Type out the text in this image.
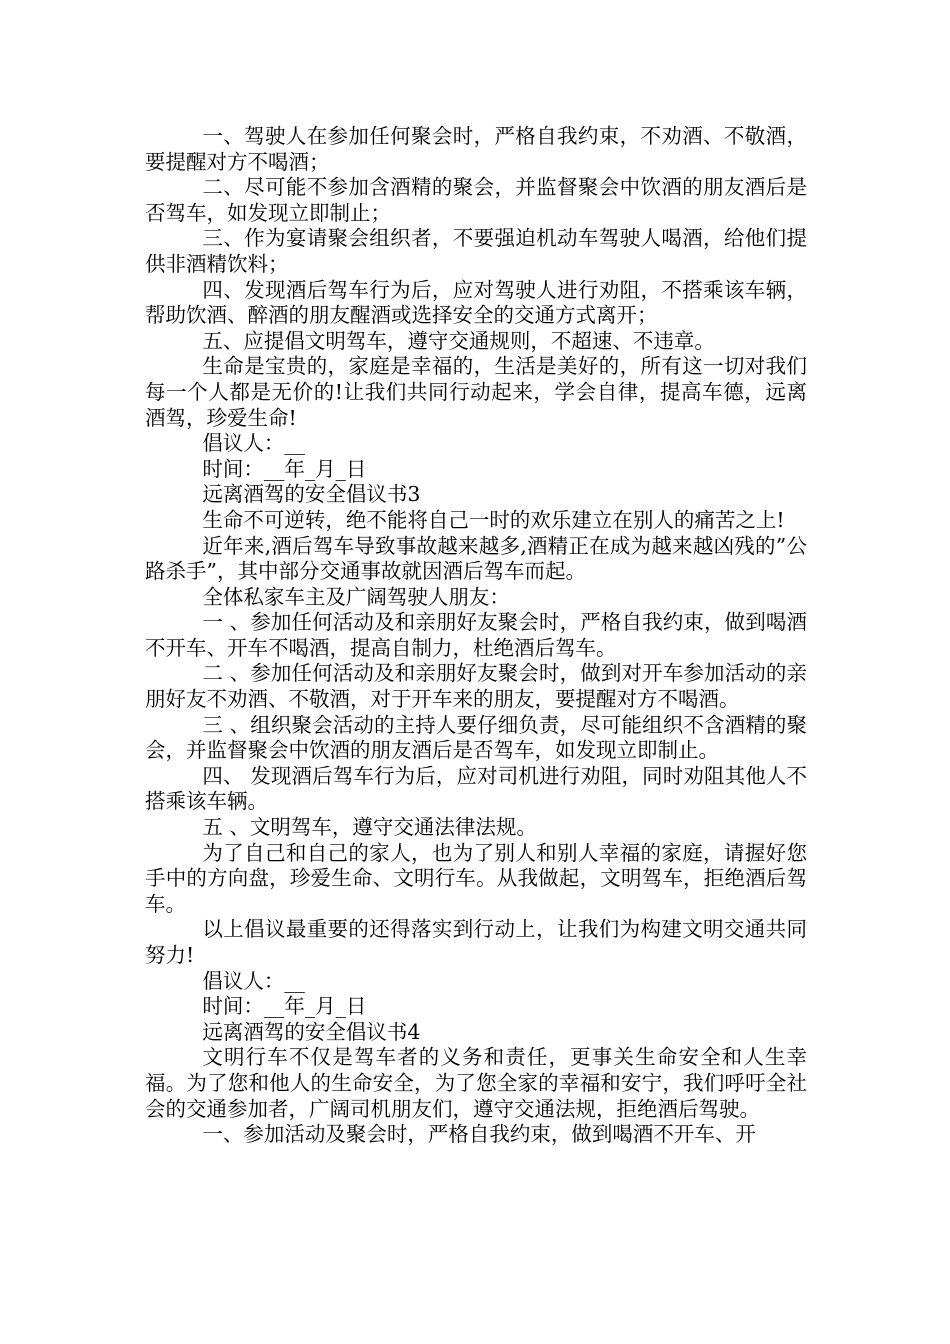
一、驾驶人在参加任何聚会时，严格自我约束，不劝酒、不敬酒，要提醒对方不喝酒；

二、尽可能不参加含酒精的聚会，并监督聚会中饮酒的朋友酒后是否驾车，如发现立即制止；

三、作为宴请聚会组织者，不要强迫机动车驾驶人喝酒，给他们提供非酒精饮料；

四、发现酒后驾车行为后，应对驾驶人进行劝阻，不搭乘该车辆，帮助饮酒、醉酒的朋友醒酒或选择安全的交通方式离开；

五、应提倡文明驾车，遵守交通规则，不超速、不违章。

生命是宝贵的，家庭是幸福的，生活是美好的，所有这一切对我们每一个人都是无价的!让我们共同行动起来，学会自律，提高车德，远离酒驾，珍爱生命!

倡议人：__

时间：__年_月_日

远离酒驾的安全倡议书3

生命不可逆转，绝不能将自己一时的欢乐建立在别人的痛苦之上!

近年来,酒后驾车导致事故越来越多,酒精正在成为越来越凶残的”公路杀手”，其中部分交通事故就因酒后驾车而起。

全体私家车主及广阔驾驶人朋友：

一 、参加任何活动及和亲朋好友聚会时，严格自我约束，做到喝酒不开车、开车不喝酒，提高自制力，杜绝酒后驾车。

二 、参加任何活动及和亲朋好友聚会时，做到对开车参加活动的亲朋好友不劝酒、不敬酒，对于开车来的朋友，要提醒对方不喝酒。

三 、组织聚会活动的主持人要仔细负责，尽可能组织不含酒精的聚会，并监督聚会中饮酒的朋友酒后是否驾车，如发现立即制止。

四、 发现酒后驾车行为后，应对司机进行劝阻，同时劝阻其他人不搭乘该车辆。

五 、文明驾车，遵守交通法律法规。

为了自己和自己的家人，也为了别人和别人幸福的家庭，请握好您手中的方向盘，珍爱生命、文明行车。从我做起，文明驾车，拒绝酒后驾车。

以上倡议最重要的还得落实到行动上，让我们为构建文明交通共同努力!

倡议人：__

时间：__年_月_日

远离酒驾的安全倡议书4

文明行车不仅是驾车者的义务和责任，更事关生命安全和人生幸福。为了您和他人的生命安全，为了您全家的幸福和安宁，我们呼吁全社会的交通参加者，广阔司机朋友们，遵守交通法规，拒绝酒后驾驶。

一、参加活动及聚会时，严格自我约束，做到喝酒不开车、开
